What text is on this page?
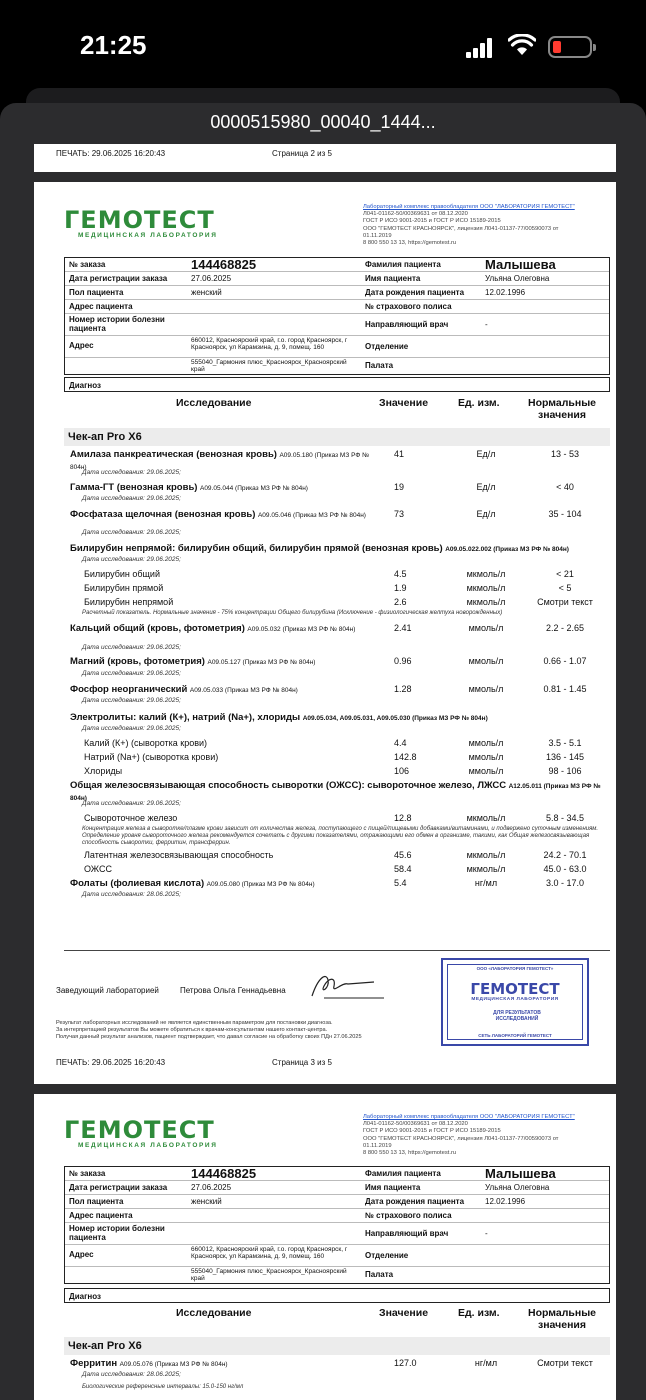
21:25
0000515980_00040_1444...
ПЕЧАТЬ: 29.06.2025 16:20:43	Страница 2 из 5
ГЕМОТЕСТ
МЕДИЦИНСКАЯ ЛАБОРАТОРИЯ
Лабораторный комплекс правообладателя ООО "ЛАБОРАТОРИЯ ГЕМОТЕСТ"
Л041-01162-50/00369631 от 08.12.2020
ГОСТ Р ИСО 9001-2015 и ГОСТ Р ИСО 15189-2015
ООО "ГЕМОТЕСТ КРАСНОЯРСК", лицензия Л041-01137-77/00590073 от
01.11.2019
8 800 550 13 13, https://gemotest.ru
№ заказа	144468825	Фамилия пациента	Малышева
Дата регистрации заказа	27.06.2025	Имя пациента	Ульяна Олеговна
Пол пациента	женский	Дата рождения пациента	12.02.1996
Адрес пациента	№ страхового полиса
Номер истории болезни пациента	Направляющий врач	-
Адрес
660012, Красноярский край, г.о. город Красноярск, г Красноярск, ул Карамзина, д. 9, помещ. 160	Отделение
555040_Гармония плюс_Красноярск_Красноярский край	Палата
Диагноз
Исследование	Значение	Ед. изм.	Нормальные значения
Чек-ап Pro X6
Амилаза панкреатическая (венозная кровь) A09.05.180 (Приказ МЗ РФ № 804н)
41	Ед/л	13 - 53
Дата исследования: 29.06.2025;
Гамма-ГТ (венозная кровь) A09.05.044 (Приказ МЗ РФ № 804н)	19	Ед/л	< 40
Дата исследования: 29.06.2025;
Фосфатаза щелочная (венозная кровь) A09.05.046 (Приказ МЗ РФ № 804н)	73	Ед/л	35 - 104
Дата исследования: 29.06.2025;
Билирубин непрямой: билирубин общий, билирубин прямой (венозная кровь) A09.05.022.002 (Приказ МЗ РФ № 804н)
Дата исследования: 29.06.2025;
Билирубин общий	4.5	мкмоль/л	< 21
Билирубин прямой	1.9	мкмоль/л	< 5
Билирубин непрямой	2.6	мкмоль/л	Смотри текст
Расчетный показатель. Нормальные значения - 75% концентрации Общего билирубина (Исключение - физиологическая желтуха новорожденных)
Кальций общий (кровь, фотометрия) A09.05.032 (Приказ МЗ РФ № 804н)	2.41	ммоль/л	2.2 - 2.65
Дата исследования: 29.06.2025;
Магний (кровь, фотометрия) A09.05.127 (Приказ МЗ РФ № 804н)	0.96	ммоль/л	0.66 - 1.07
Дата исследования: 29.06.2025;
Фосфор неорганический A09.05.033 (Приказ МЗ РФ № 804н)	1.28	ммоль/л	0.81 - 1.45
Дата исследования: 29.06.2025;
Электролиты: калий (К+), натрий (Na+), хлориды A09.05.034, A09.05.031, A09.05.030 (Приказ МЗ РФ № 804н)
Дата исследования: 29.06.2025;
Калий (К+) (сыворотка крови)	4.4	ммоль/л	3.5 - 5.1
Натрий (Na+) (сыворотка крови)	142.8	ммоль/л	136 - 145
Хлориды	106	ммоль/л	98 - 106
Общая железосвязывающая способность сыворотки (ОЖСС): сывороточное железо, ЛЖСС A12.05.011 (Приказ МЗ РФ № 804н)
Дата исследования: 29.06.2025;
Сывороточное железо	12.8	мкмоль/л	5.8 - 34.5
Концентрация железа в сыворотке/плазме крови зависит от количества железа, поступающего с пищей/пищевыми добавками/витаминами, и подвержено суточным изменениям. Определение уровня сывороточного железа рекомендуется сочетать с другими показателями, отражающими его обмен в организме, такими, как Общая железосвязывающая способность сыворотки, ферритин, трансферрин.
Латентная железосвязывающая способность	45.6	мкмоль/л	24.2 - 70.1
ОЖСС	58.4	мкмоль/л	45.0 - 63.0
Фолаты (фолиевая кислота) A09.05.080 (Приказ МЗ РФ № 804н)	5.4	нг/мл	3.0 - 17.0
Дата исследования: 28.06.2025;
Заведующий лабораторией	Петрова Ольга Геннадьевна
Результат лабораторных исследований не является единственным параметром для постановки диагноза.
За интерпретацией результатов Вы можете обратиться к врачам-консультантам нашего контакт-центра.
Получая данный результат анализов, пациент подтверждает, что давал согласие на обработку своих ПДн 27.06.2025
ООО «ЛАБОРАТОРИЯ ГЕМОТЕСТ»
ГЕМОТЕСТ
МЕДИЦИНСКАЯ ЛАБОРАТОРИЯ
ДЛЯ РЕЗУЛЬТАТОВ ИССЛЕДОВАНИЙ
СЕТЬ ЛАБОРАТОРИЙ ГЕМОТЕСТ
ПЕЧАТЬ: 29.06.2025 16:20:43	Страница 3 из 5
ГЕМОТЕСТ
МЕДИЦИНСКАЯ ЛАБОРАТОРИЯ
Лабораторный комплекс правообладателя ООО "ЛАБОРАТОРИЯ ГЕМОТЕСТ"
Л041-01162-50/00369631 от 08.12.2020
ГОСТ Р ИСО 9001-2015 и ГОСТ Р ИСО 15189-2015
ООО "ГЕМОТЕСТ КРАСНОЯРСК", лицензия Л041-01137-77/00590073 от
01.11.2019
8 800 550 13 13, https://gemotest.ru
№ заказа	144468825	Фамилия пациента	Малышева
Дата регистрации заказа	27.06.2025	Имя пациента	Ульяна Олеговна
Пол пациента	женский	Дата рождения пациента	12.02.1996
Адрес пациента	№ страхового полиса
Номер истории болезни пациента	Направляющий врач	-
Адрес
660012, Красноярский край, г.о. город Красноярск, г Красноярск, ул Карамзина, д. 9, помещ. 160	Отделение
555040_Гармония плюс_Красноярск_Красноярский край	Палата
Диагноз
Исследование	Значение	Ед. изм.	Нормальные значения
Чек-ап Pro X6
Ферритин A09.05.076 (Приказ МЗ РФ № 804н)	127.0	нг/мл	Смотри текст
Дата исследования: 28.06.2025;
Биологические референсные интервалы: 15.0-150 нг/мл
